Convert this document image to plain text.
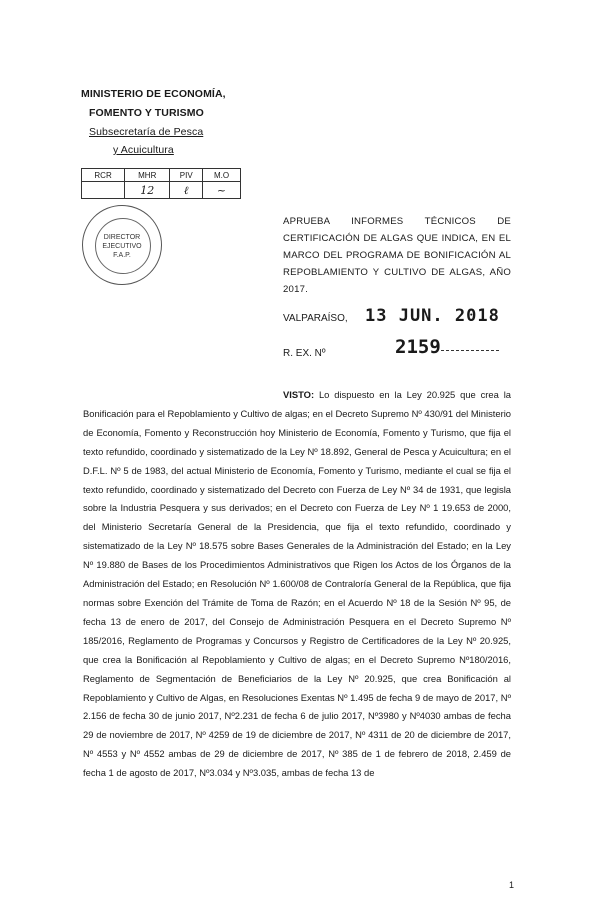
MINISTERIO DE ECONOMÍA,
FOMENTO Y TURISMO
Subsecretaría de Pesca
y Acuicultura
RCR	MHR	PIV	M.O
	12	ℓ	~
DIRECTOR
EJECUTIVO
F.A.P.
APRUEBA INFORMES TÉCNICOS DE CERTIFICACIÓN DE ALGAS QUE INDICA, EN EL MARCO DEL PROGRAMA DE BONIFICACIÓN AL REPOBLAMIENTO Y CULTIVO DE ALGAS, AÑO 2017.
VALPARAÍSO, 13 JUN. 2018
R. EX. Nº	2159
VISTO: Lo dispuesto en la Ley 20.925 que crea la Bonificación para el Repoblamiento y Cultivo de algas; en el Decreto Supremo Nº 430/91 del Ministerio de Economía, Fomento y Reconstrucción hoy Ministerio de Economía, Fomento y Turismo, que fija el texto refundido, coordinado y sistematizado de la Ley Nº 18.892, General de Pesca y Acuicultura; en el D.F.L. Nº 5 de 1983, del actual Ministerio de Economía, Fomento y Turismo, mediante el cual se fija el texto refundido, coordinado y sistematizado del Decreto con Fuerza de Ley Nº 34 de 1931, que legisla sobre la Industria Pesquera y sus derivados; en el Decreto con Fuerza de Ley Nº 1 19.653 de 2000, del Ministerio Secretaría General de la Presidencia, que fija el texto refundido, coordinado y sistematizado de la Ley Nº 18.575 sobre Bases Generales de la Administración del Estado; en la Ley Nº 19.880 de Bases de los Procedimientos Administrativos que Rigen los Actos de los Órganos de la Administración del Estado; en Resolución Nº 1.600/08 de Contraloría General de la República, que fija normas sobre Exención del Trámite de Toma de Razón; en el Acuerdo Nº 18 de la Sesión Nº 95, de fecha 13 de enero de 2017, del Consejo de Administración Pesquera en el Decreto Supremo Nº 185/2016, Reglamento de Programas y Concursos y Registro de Certificadores de la Ley Nº 20.925, que crea la Bonificación al Repoblamiento y Cultivo de algas; en el Decreto Supremo Nº180/2016, Reglamento de Segmentación de Beneficiarios de la Ley Nº 20.925, que crea Bonificación al Repoblamiento y Cultivo de Algas, en Resoluciones Exentas Nº 1.495 de fecha 9 de mayo de 2017, Nº 2.156 de fecha 30 de junio 2017, Nº2.231 de fecha 6 de julio 2017, Nº3980 y Nº4030 ambas de fecha 29 de noviembre de 2017, Nº 4259 de 19 de diciembre de 2017, Nº 4311 de 20 de diciembre de 2017, Nº 4553 y Nº 4552 ambas de 29 de diciembre de 2017, Nº 385 de 1 de febrero de 2018, 2.459 de fecha 1 de agosto de 2017, Nº3.034 y Nº3.035, ambas de fecha 13 de
1
